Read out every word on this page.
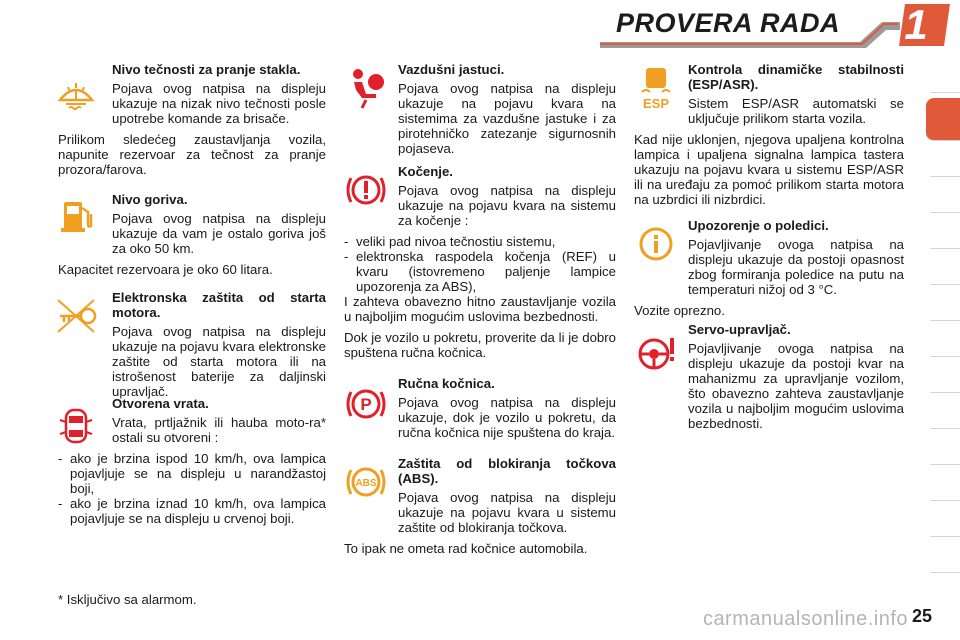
PROVERA RADA 1
Nivo tečnosti za pranje stakla.

Pojava ovog natpisa na displeju ukazuje na nizak nivo tečnosti posle upotrebe komande za brisače.

Prilikom sledećeg zaustavljanja vozila, napunite rezervoar za tečnost za pranje prozora/farova.

Nivo goriva.

Pojava ovog natpisa na displeju ukazuje da vam je ostalo goriva još za oko 50 km.

Kapacitet rezervoara je oko 60 litara.

Elektronska zaštita od starta motora.

Pojava ovog natpisa na displeju ukazuje na pojavu kvara elektronske zaštite od starta motora ili na istrošenost baterije za daljinski upravljač.

Otvorena vrata.

Vrata, prtljažnik ili hauba moto-ra* ostali su otvoreni :

- ako je brzina ispod 10 km/h, ova lampica pojavljuje se na displeju u narandžastoj boji,
- ako je brzina iznad 10 km/h, ova lampica pojavljuje se na displeju u crvenoj boji.
Vazdušni jastuci.

Pojava ovog natpisa na displeju ukazuje na pojavu kvara na sistemima za vazdušne jastuke i za pirotehničko zatezanje sigurnosnih pojaseva.

Kočenje.

Pojava ovog natpisa na displeju ukazuje na pojavu kvara na sistemu za kočenje :

- veliki pad nivoa tečnostiu sistemu,
- elektronska raspodela kočenja (REF) u kvaru (istovremeno paljenje lampice upozorenja za ABS),

I zahteva obavezno hitno zaustavljanje vozila u najboljim mogućim uslovima bezbednosti.

Dok je vozilo u pokretu, proverite da li je dobro spuštena ručna kočnica.

P
Ručna kočnica.

Pojava ovog natpisa na displeju ukazuje, dok je vozilo u pokretu, da ručna kočnica nije spuštena do kraja.

ABS
Zaštita od blokiranja točkova (ABS).

Pojava ovog natpisa na displeju ukazuje na pojavu kvara u sistemu zaštite od blokiranja točkova.

To ipak ne ometa rad kočnice automobila.

ESP
Kontrola dinamičke stabilnosti (ESP/ASR).

Sistem ESP/ASR automatski se uključuje prilikom starta vozila.

Kad nije uklonjen, njegova upaljena kontrolna lampica i upaljena signalna lampica tastera ukazuju na pojavu kvara u sistemu ESP/ASR ili na uređaju za pomoć prilikom starta motora na uzbrdici ili nizbrdici.

Upozorenje o poledici.

Pojavljivanje ovoga natpisa na displeju ukazuje da postoji opasnost zbog formiranja poledice na putu na temperaturi nižoj od 3 °C.

Vozite oprezno.

Servo-upravljač.

Pojavljivanje ovoga natpisa na displeju ukazuje da postoji kvar na mahanizmu za upravljanje vozilom, što obavezno zahteva zaustavljanje vozila u najboljim mogućim uslovima bezbednosti.

* Isključivo sa alarmom.
carmanualsonline.info 25
